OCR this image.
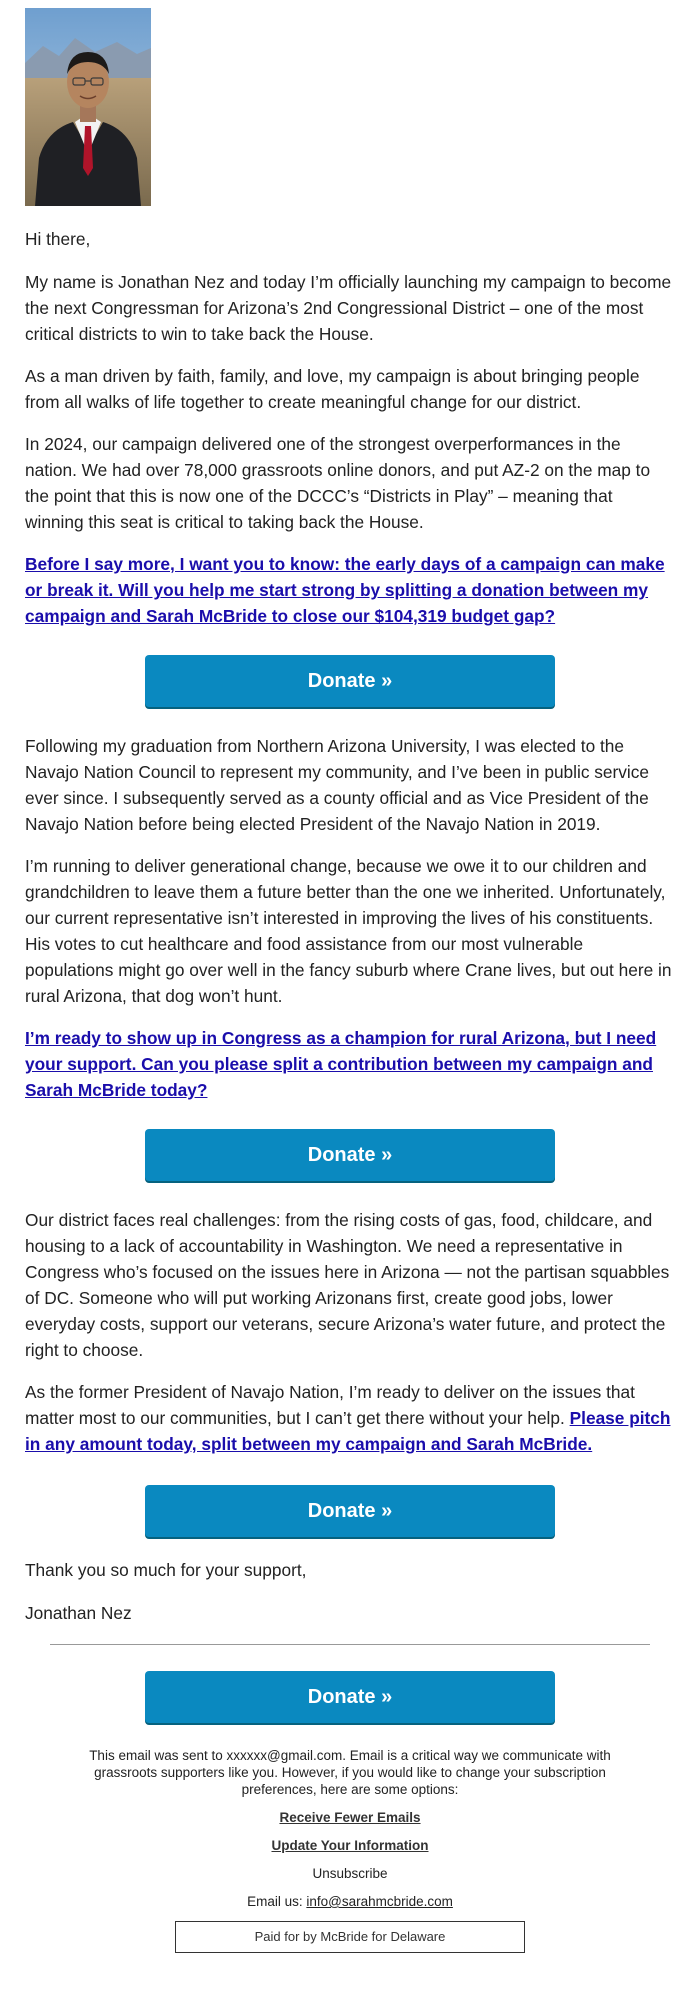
Hi there,

My name is Jonathan Nez and today I’m officially launching my campaign to become the next Congressman for Arizona’s 2nd Congressional District – one of the most critical districts to win to take back the House.

As a man driven by faith, family, and love, my campaign is about bringing people from all walks of life together to create meaningful change for our district.

In 2024, our campaign delivered one of the strongest overperformances in the nation. We had over 78,000 grassroots online donors, and put AZ-2 on the map to the point that this is now one of the DCCC’s “Districts in Play” – meaning that winning this seat is critical to taking back the House.

Before I say more, I want you to know: the early days of a campaign can make or break it. Will you help me start strong by splitting a donation between my campaign and Sarah McBride to close our $104,319 budget gap?

Donate »

Following my graduation from Northern Arizona University, I was elected to the Navajo Nation Council to represent my community, and I’ve been in public service ever since. I subsequently served as a county official and as Vice President of the Navajo Nation before being elected President of the Navajo Nation in 2019.

I’m running to deliver generational change, because we owe it to our children and grandchildren to leave them a future better than the one we inherited. Unfortunately, our current representative isn’t interested in improving the lives of his constituents. His votes to cut healthcare and food assistance from our most vulnerable populations might go over well in the fancy suburb where Crane lives, but out here in rural Arizona, that dog won’t hunt.

I’m ready to show up in Congress as a champion for rural Arizona, but I need your support. Can you please split a contribution between my campaign and Sarah McBride today?

Donate »

Our district faces real challenges: from the rising costs of gas, food, childcare, and housing to a lack of accountability in Washington. We need a representative in Congress who’s focused on the issues here in Arizona — not the partisan squabbles of DC. Someone who will put working Arizonans first, create good jobs, lower everyday costs, support our veterans, secure Arizona’s water future, and protect the right to choose.

As the former President of Navajo Nation, I’m ready to deliver on the issues that matter most to our communities, but I can’t get there without your help. Please pitch in any amount today, split between my campaign and Sarah McBride.

Donate »

Thank you so much for your support,

Jonathan Nez

Donate »
This email was sent to xxxxxx@gmail.com. Email is a critical way we communicate with grassroots supporters like you. However, if you would like to change your subscription preferences, here are some options:
Receive Fewer Emails
Update Your Information
Unsubscribe
Email us: info@sarahmcbride.com
Paid for by McBride for Delaware
